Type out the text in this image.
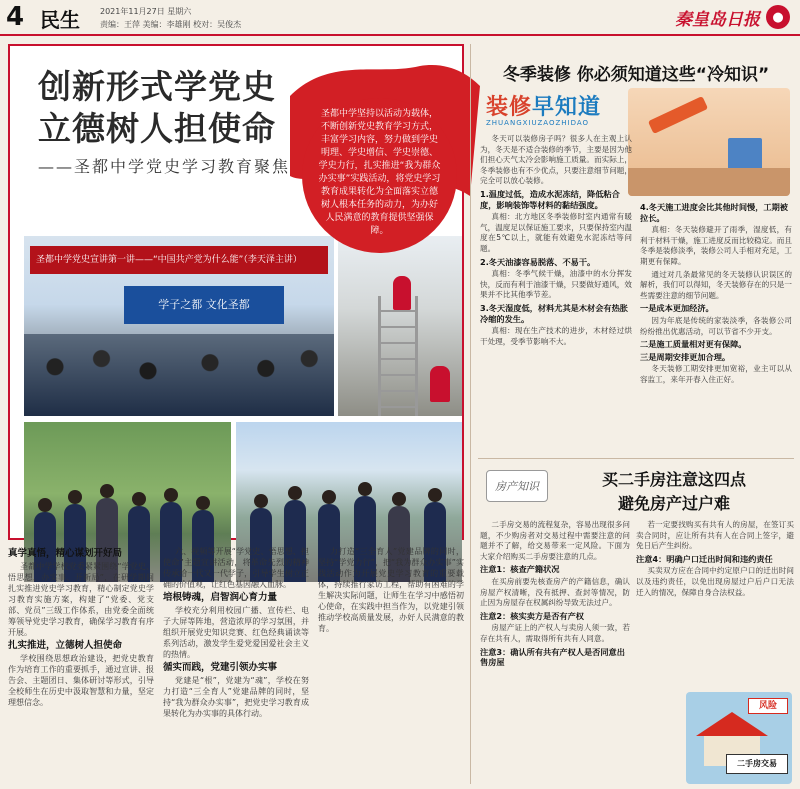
4 民生	2021年11月27日 星期六
责编：王萍 美编：李雄刚 校对：吴俊杰	秦皇岛日报 ●
创新形式学党史
立德树人担使命
——圣都中学党史学习教育聚焦
圣都中学坚持以活动为载体，不断创新党史教育学习方式，丰富学习内容，努力做到学史明理、学史增信、学史崇德、学史力行，扎实推进“我为群众办实事”实践活动，将党史学习教育成果转化为全面落实立德树人根本任务的动力，为办好人民满意的教育提供坚强保障。
圣都中学党史宣讲第一讲——“中国共产党为什么能”（李天泽主讲）
学子之都 文化圣都
真学真悟，精心谋划开好局

圣都中学学校党委紧紧围绕“学党史、悟思想、办实事、开新局”，在研学期间扎实推进党史学习教育，精心制定党史学习教育实施方案，构建了“党委、党支部、党员”三级工作体系，由党委全面统筹领导党史学习教育，确保学习教育有序开展。

扎实推进，立德树人担使命

学校围绕思想政治建设，把党史教育作为培育工作的重要抓手，通过宣讲、报告会、主题团日、集体研讨等形式，引导全校师生在历史中汲取智慧和力量，坚定理想信念。

六、视频等开展“学党史、悟思想、担使命”主题宣讲活动，将革命先烈的精神传承给一代又一代学子，引导学生树立正确的价值观，让红色基因融入血脉。

培根铸魂，启智润心育力量

学校充分利用校园广播、宣传栏、电子大屏等阵地，营造浓厚的学习氛围，并组织开展党史知识竞赛、红色经典诵读等系列活动，激发学生爱党爱国爱社会主义的热情。

循实而践，党建引领办实事

党建是“根”，党建为“魂”，学校在努力打造“三全育人”党建品牌的同时，坚持“我为群众办实事”，把党史学习教育成果转化为办实事的具体行动。

力打造“三全育人”党建品牌的同时，坚持“学党力行”，把“我为群众办实事”实践活动作为开展党史学习教育的重要载体，持续推行家访工程，帮助有困难的学生解决实际问题，让师生在学习中感悟初心使命，在实践中担当作为，以党建引领推动学校高质量发展，办好人民满意的教育。

冬季装修 你必须知道这些“冷知识”
装修早知道
ZHUANGXIUZAOZHIDAO

冬天可以装修房子吗？很多人在主观上认为，冬天是不适合装修的季节，主要是因为他们担心天气太冷会影响施工质量。而实际上，冬季装修也有不少优点，只要注意细节问题，完全可以放心装修。

1.温度过低，造成水泥冻结，降低粘合度，影响装饰等材料的黏结强度。

真相：北方地区冬季装修时室内通常有暖气，温度足以保证施工要求，只要保持室内温度在5℃以上，就能有效避免水泥冻结等问题。

2.冬天油漆容易脱落、不易干。

真相：冬季气候干燥，油漆中的水分挥发快，反而有利于油漆干燥，只要做好通风，效果并不比其他季节差。

3.冬天湿度低，材料尤其是木材会有热胀冷缩的发生。

真相：现在生产技术的进步，木材经过烘干处理，受季节影响不大。

4.冬天施工进度会比其他时间慢，工期被拉长。

真相：冬天装修避开了雨季，湿度低，有利于材料干燥，施工进度反而比较稳定。而且冬季是装修淡季，装修公司人手相对充足，工期更有保障。

通过对几条最常见的冬天装修认识误区的解析，我们可以得知，冬天装修存在的只是一些需要注意的细节问题。

一是成本更加经济。

因为年底是传统的家装淡季，各装修公司纷纷推出优惠活动，可以节省不少开支。

二是施工质量相对更有保障。
三是周期安排更加合理。

冬天装修工期安排更加宽裕，业主可以从容监工，来年开春入住正好。

房产知识	买二手房注意这四点
避免房产过户难

二手房交易的流程复杂，容易出现很多问题，不少购房者对交易过程中需要注意的问题并不了解，给交易带来一定风险。下面为大家介绍购买二手房要注意的几点。

注意1：核查产籍状况

在买房前要先核查房产的产籍信息，确认房屋产权清晰，没有抵押、查封等情况，防止因为房屋存在权属纠纷导致无法过户。

注意2：核实卖方是否有产权

房屋产证上的产权人与卖房人须一致，若存在共有人，需取得所有共有人同意。

注意3：确认所有共有产权人是否同意出售房屋

若一定要找购买有共有人的房屋，在签订买卖合同时，应让所有共有人在合同上签字，避免日后产生纠纷。

注意4：明确户口迁出时间和违约责任

买卖双方应在合同中约定原户口的迁出时间以及违约责任，以免出现房屋过户后户口无法迁入的情况，保障自身合法权益。

风险
二手房交易
